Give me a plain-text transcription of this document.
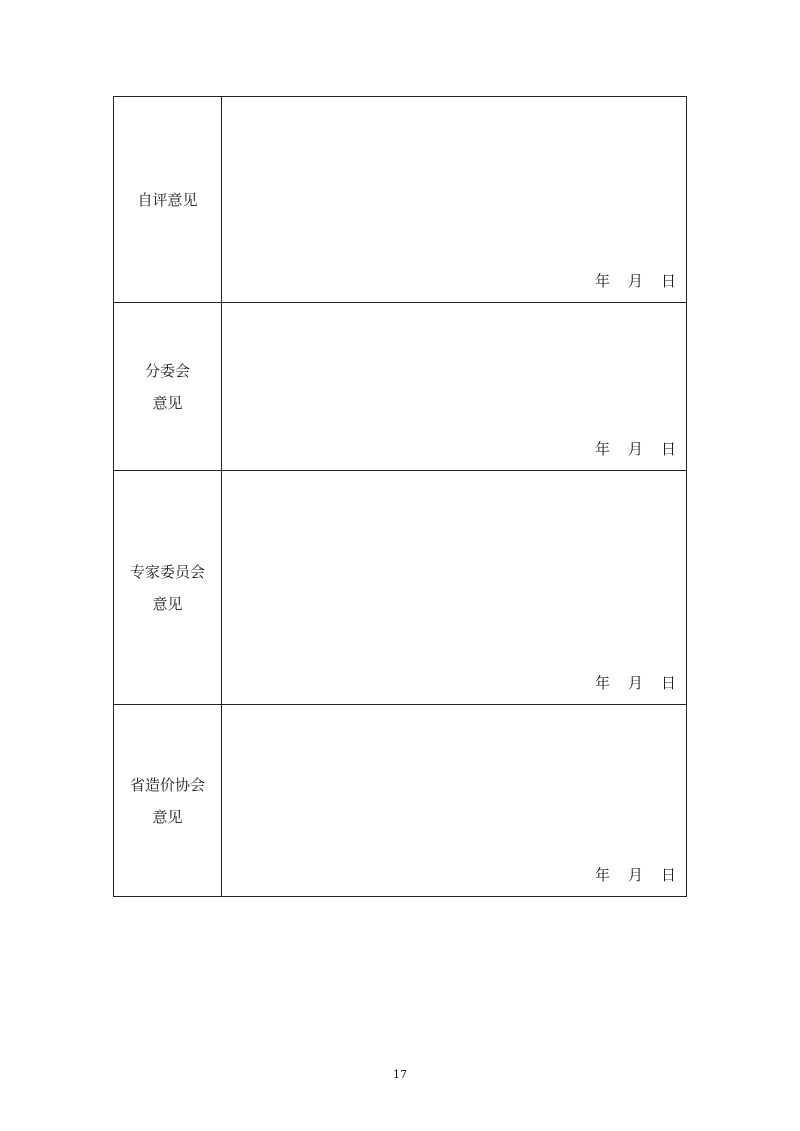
自评意见	年 月 日

分委会
意见	年 月 日

专家委员会
意见	年 月 日

省造价协会
意见	年 月 日
17
